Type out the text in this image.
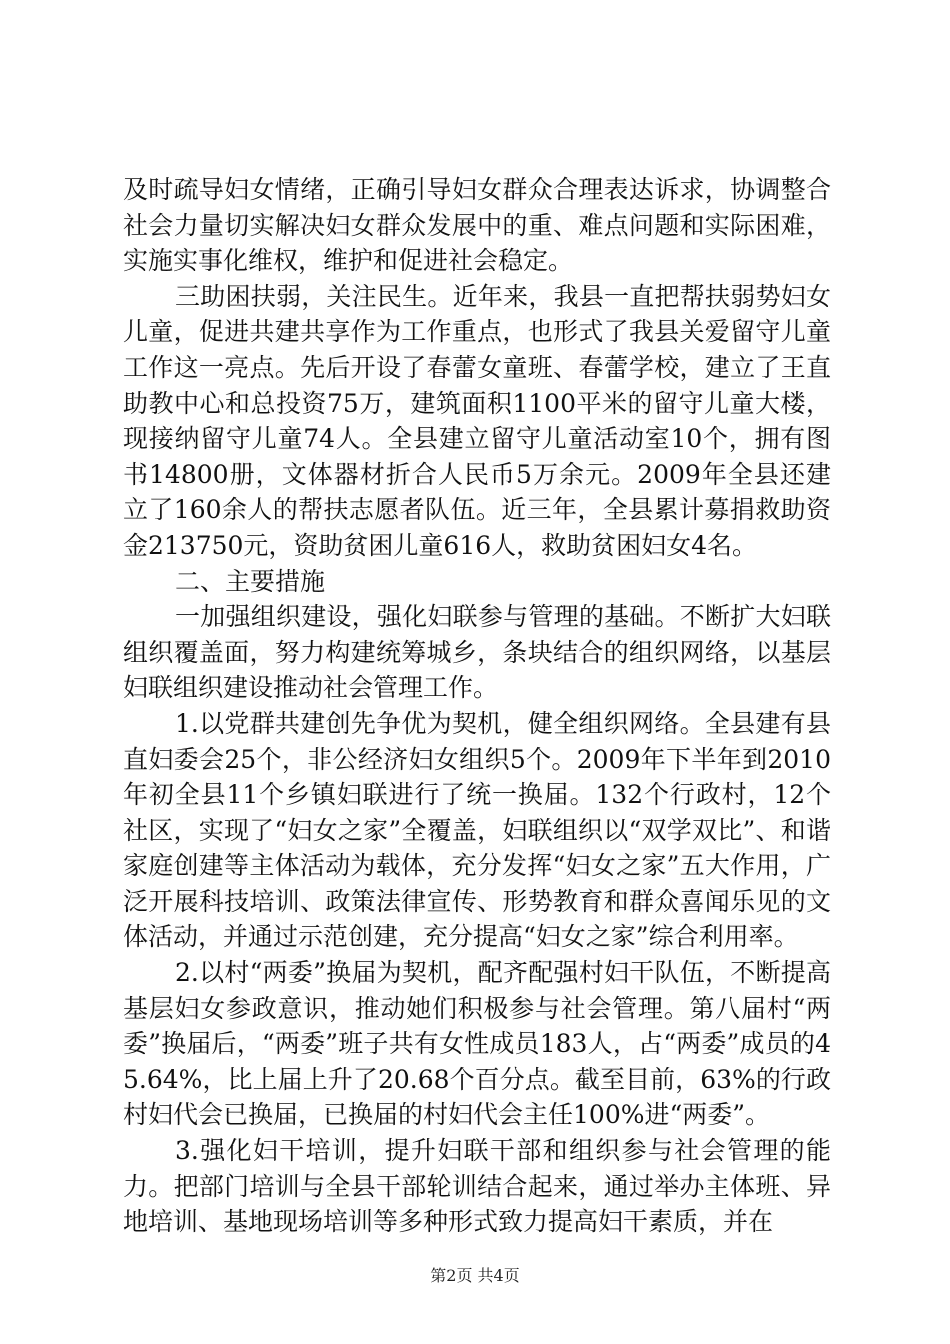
及时疏导妇女情绪，正确引导妇女群众合理表达诉求，协调整合社会力量切实解决妇女群众发展中的重、难点问题和实际困难，实施实事化维权，维护和促进社会稳定。

三助困扶弱，关注民生。近年来，我县一直把帮扶弱势妇女儿童，促进共建共享作为工作重点，也形式了我县关爱留守儿童工作这一亮点。先后开设了春蕾女童班、春蕾学校，建立了王直助教中心和总投资75万，建筑面积1100平米的留守儿童大楼，现接纳留守儿童74人。全县建立留守儿童活动室10个，拥有图书14800册，文体器材折合人民币5万余元。2009年全县还建立了160余人的帮扶志愿者队伍。近三年，全县累计募捐救助资金213750元，资助贫困儿童616人，救助贫困妇女4名。

二、主要措施

一加强组织建设，强化妇联参与管理的基础。不断扩大妇联组织覆盖面，努力构建统筹城乡，条块结合的组织网络，以基层妇联组织建设推动社会管理工作。

1.以党群共建创先争优为契机，健全组织网络。全县建有县直妇委会25个，非公经济妇女组织5个。2009年下半年到2010年初全县11个乡镇妇联进行了统一换届。132个行政村，12个社区，实现了“妇女之家”全覆盖，妇联组织以“双学双比”、和谐家庭创建等主体活动为载体，充分发挥“妇女之家”五大作用，广泛开展科技培训、政策法律宣传、形势教育和群众喜闻乐见的文体活动，并通过示范创建，充分提高“妇女之家”综合利用率。

2.以村“两委”换届为契机，配齐配强村妇干队伍，不断提高基层妇女参政意识，推动她们积极参与社会管理。第八届村“两委”换届后，“两委”班子共有女性成员183人，占“两委”成员的45.64%，比上届上升了20.68个百分点。截至目前，63%的行政村妇代会已换届，已换届的村妇代会主任100%进“两委”。

3.强化妇干培训，提升妇联干部和组织参与社会管理的能力。把部门培训与全县干部轮训结合起来，通过举办主体班、异地培训、基地现场培训等多种形式致力提高妇干素质，并在

第2页 共4页
